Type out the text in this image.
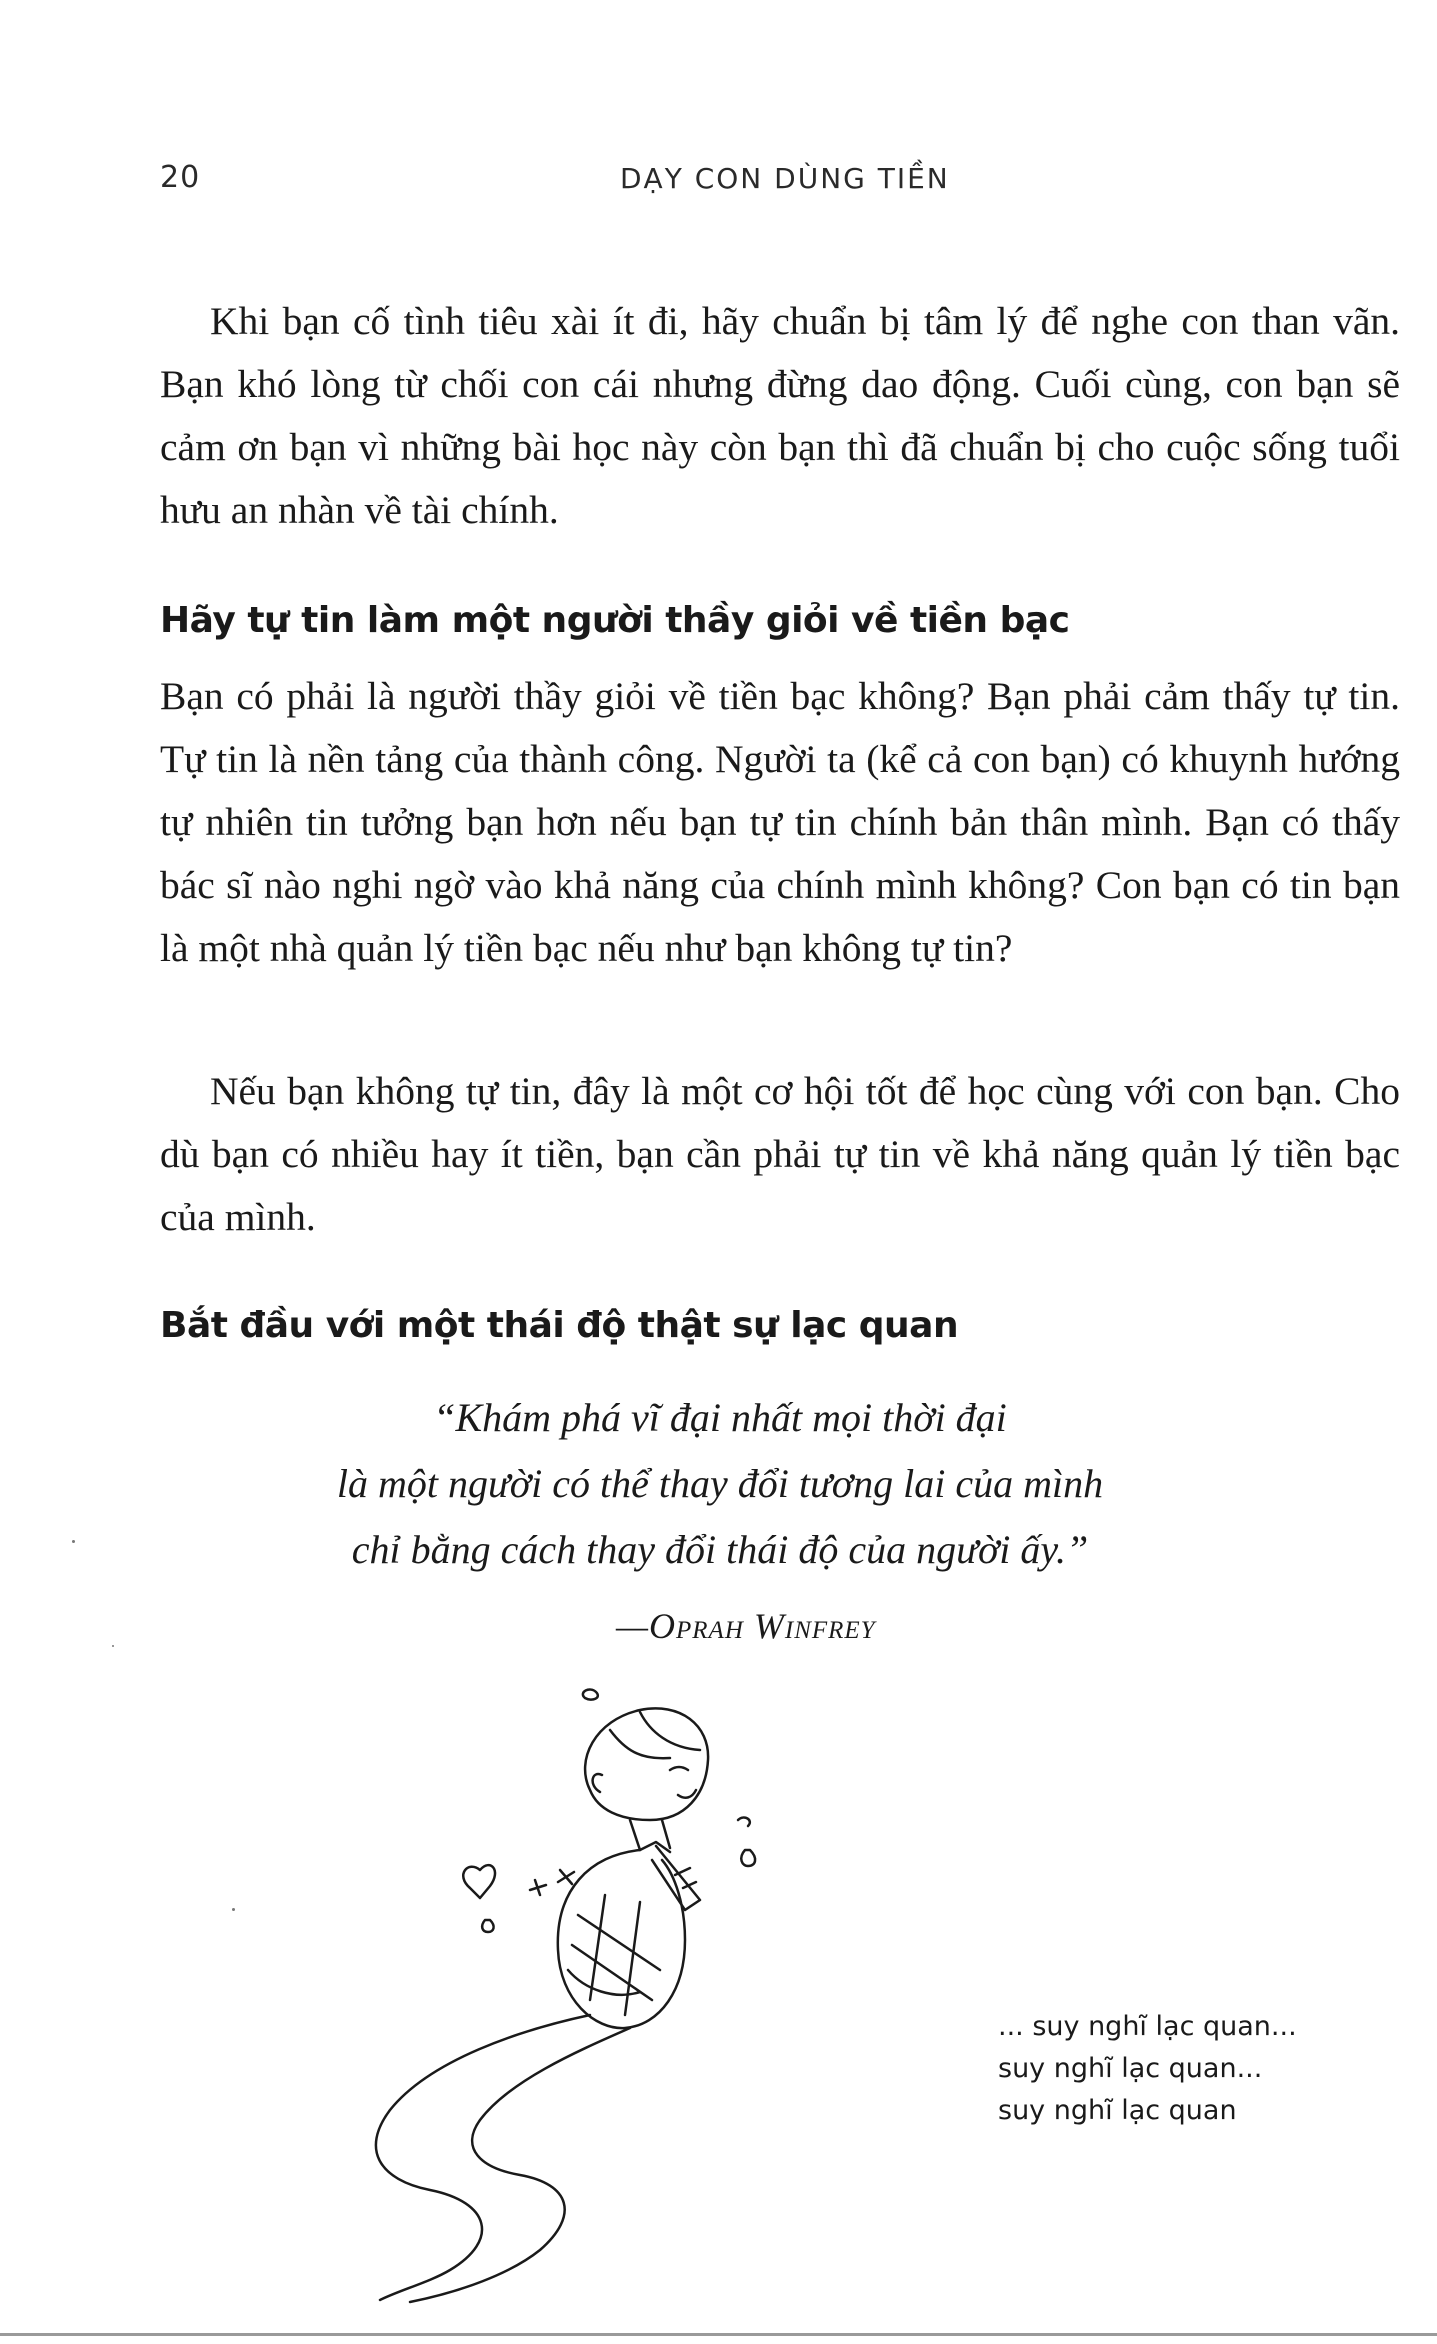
20	DẠY CON DÙNG TIỀN

Khi bạn cố tình tiêu xài ít đi, hãy chuẩn bị tâm lý để nghe con than vãn. Bạn khó lòng từ chối con cái nhưng đừng dao động. Cuối cùng, con bạn sẽ cảm ơn bạn vì những bài học này còn bạn thì đã chuẩn bị cho cuộc sống tuổi hưu an nhàn về tài chính.

Hãy tự tin làm một người thầy giỏi về tiền bạc

Bạn có phải là người thầy giỏi về tiền bạc không? Bạn phải cảm thấy tự tin. Tự tin là nền tảng của thành công. Người ta (kể cả con bạn) có khuynh hướng tự nhiên tin tưởng bạn hơn nếu bạn tự tin chính bản thân mình. Bạn có thấy bác sĩ nào nghi ngờ vào khả năng của chính mình không? Con bạn có tin bạn là một nhà quản lý tiền bạc nếu như bạn không tự tin?

Nếu bạn không tự tin, đây là một cơ hội tốt để học cùng với con bạn. Cho dù bạn có nhiều hay ít tiền, bạn cần phải tự tin về khả năng quản lý tiền bạc của mình.

Bắt đầu với một thái độ thật sự lạc quan
“Khám phá vĩ đại nhất mọi thời đại
là một người có thể thay đổi tương lai của mình
chỉ bằng cách thay đổi thái độ của người ấy.”
—Oprah Winfrey
... suy nghĩ lạc quan...
suy nghĩ lạc quan...
suy nghĩ lạc quan
